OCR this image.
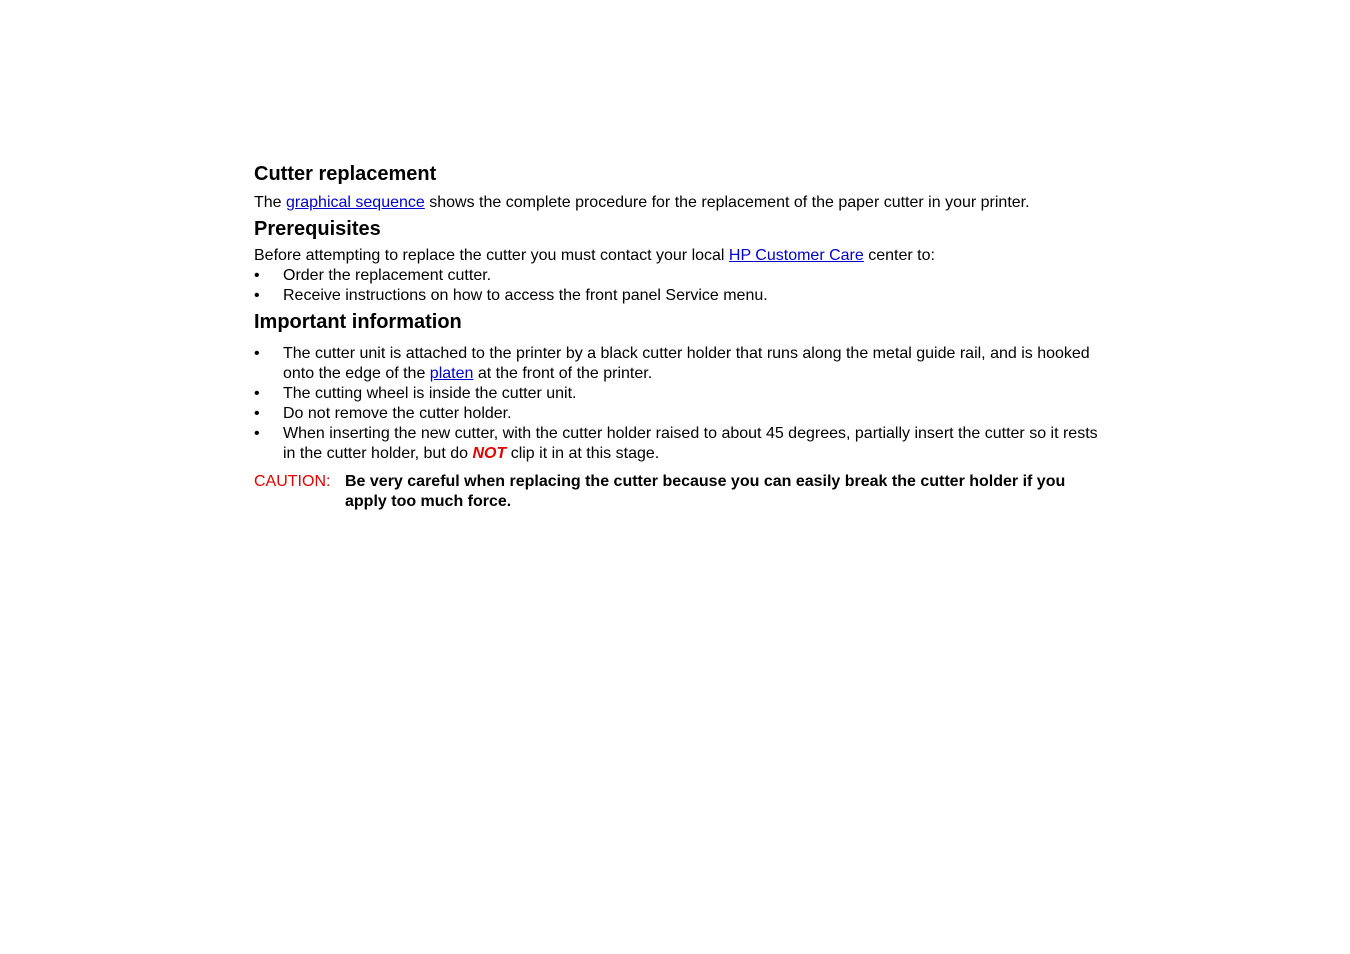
Cutter replacement

The graphical sequence shows the complete procedure for the replacement of the paper cutter in your printer.

Prerequisites

Before attempting to replace the cutter you must contact your local HP Customer Care center to:

• Order the replacement cutter.
• Receive instructions on how to access the front panel Service menu.
Important information
• The cutter unit is attached to the printer by a black cutter holder that runs along the metal guide rail, and is hooked onto the edge of the platen at the front of the printer.
• The cutting wheel is inside the cutter unit.
• Do not remove the cutter holder.
• When inserting the new cutter, with the cutter holder raised to about 45 degrees, partially insert the cutter so it rests in the cutter holder, but do NOT clip it in at this stage.
CAUTION: Be very careful when replacing the cutter because you can easily break the cutter holder if you apply too much force.
